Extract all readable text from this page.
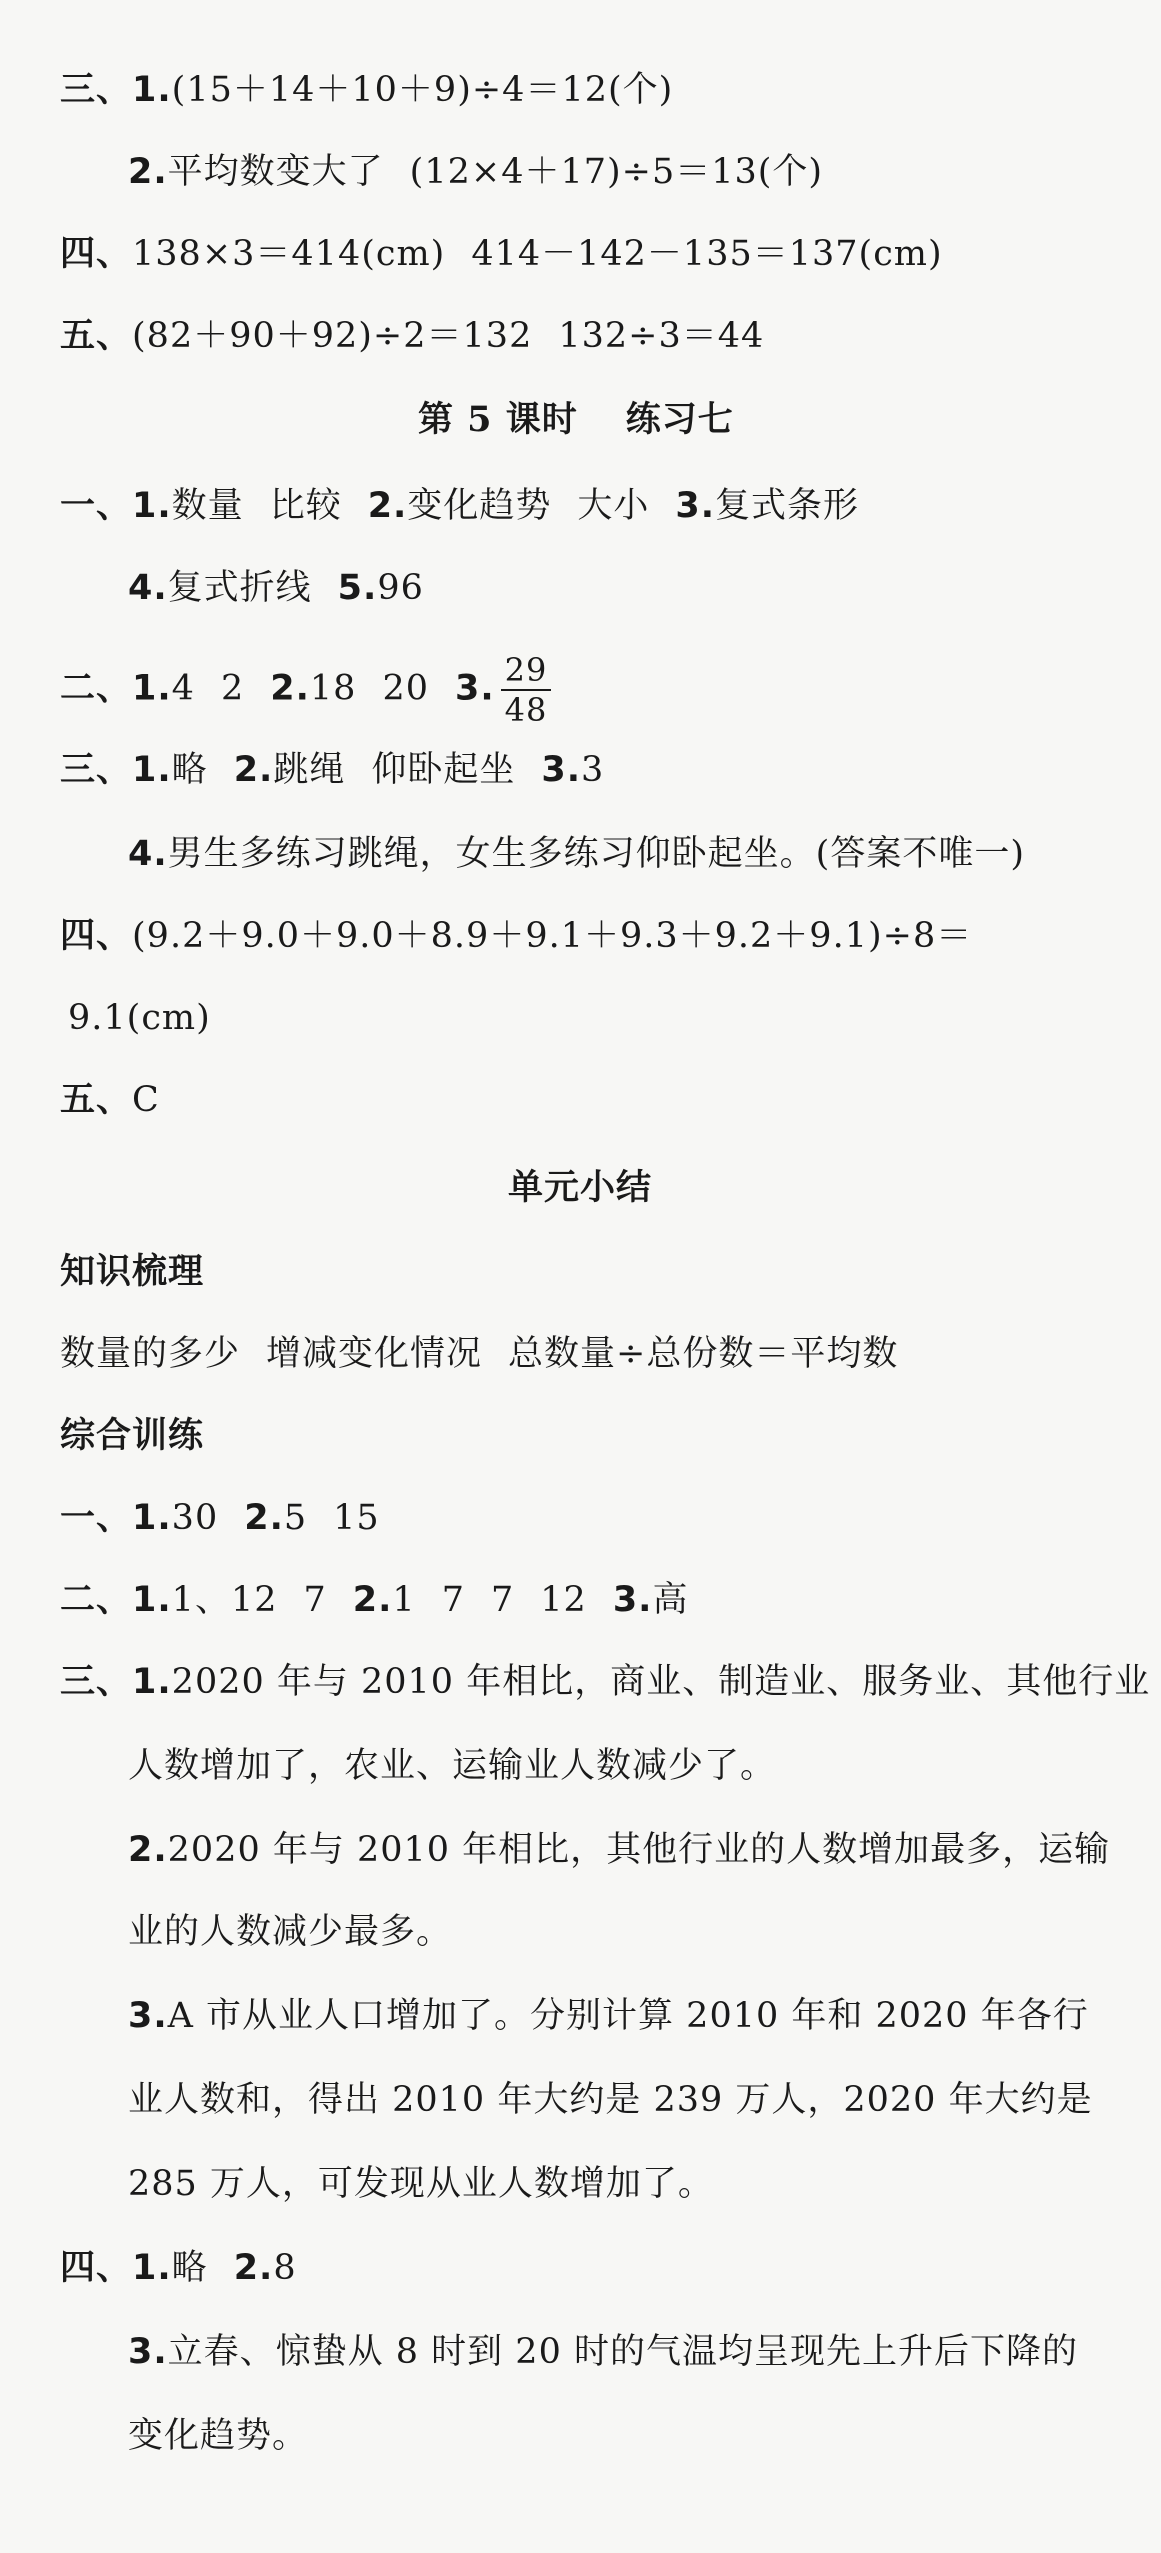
三、1.(15＋14＋10＋9)÷4＝12(个)
2.平均数变大了 (12×4＋17)÷5＝13(个)
四、138×3＝414(cm) 414－142－135＝137(cm)
五、(82＋90＋92)÷2＝132 132÷3＝44
第 5 课时 练习七
一、1.数量 比较 2.变化趋势 大小 3.复式条形
4.复式折线 5.96
二、1.4 2 2.18 20 3. $\frac{29}{48}$
三、1.略 2.跳绳 仰卧起坐 3.3
4.男生多练习跳绳，女生多练习仰卧起坐。(答案不唯一)
四、(9.2＋9.0＋9.0＋8.9＋9.1＋9.3＋9.2＋9.1)÷8＝
9.1(cm)
五、C
单元小结
知识梳理
数量的多少 增减变化情况 总数量÷总份数＝平均数
综合训练
一、1.30 2.5 15
二、1.1、12 7 2.1 7 7 12 3.高
三、1.2020 年与 2010 年相比，商业、制造业、服务业、其他行业
人数增加了，农业、运输业人数减少了。
2.2020 年与 2010 年相比，其他行业的人数增加最多，运输
业的人数减少最多。
3.A 市从业人口增加了。分别计算 2010 年和 2020 年各行
业人数和，得出 2010 年大约是 239 万人，2020 年大约是
285 万人，可发现从业人数增加了。
四、1.略 2.8
3.立春、惊蛰从 8 时到 20 时的气温均呈现先上升后下降的
变化趋势。
